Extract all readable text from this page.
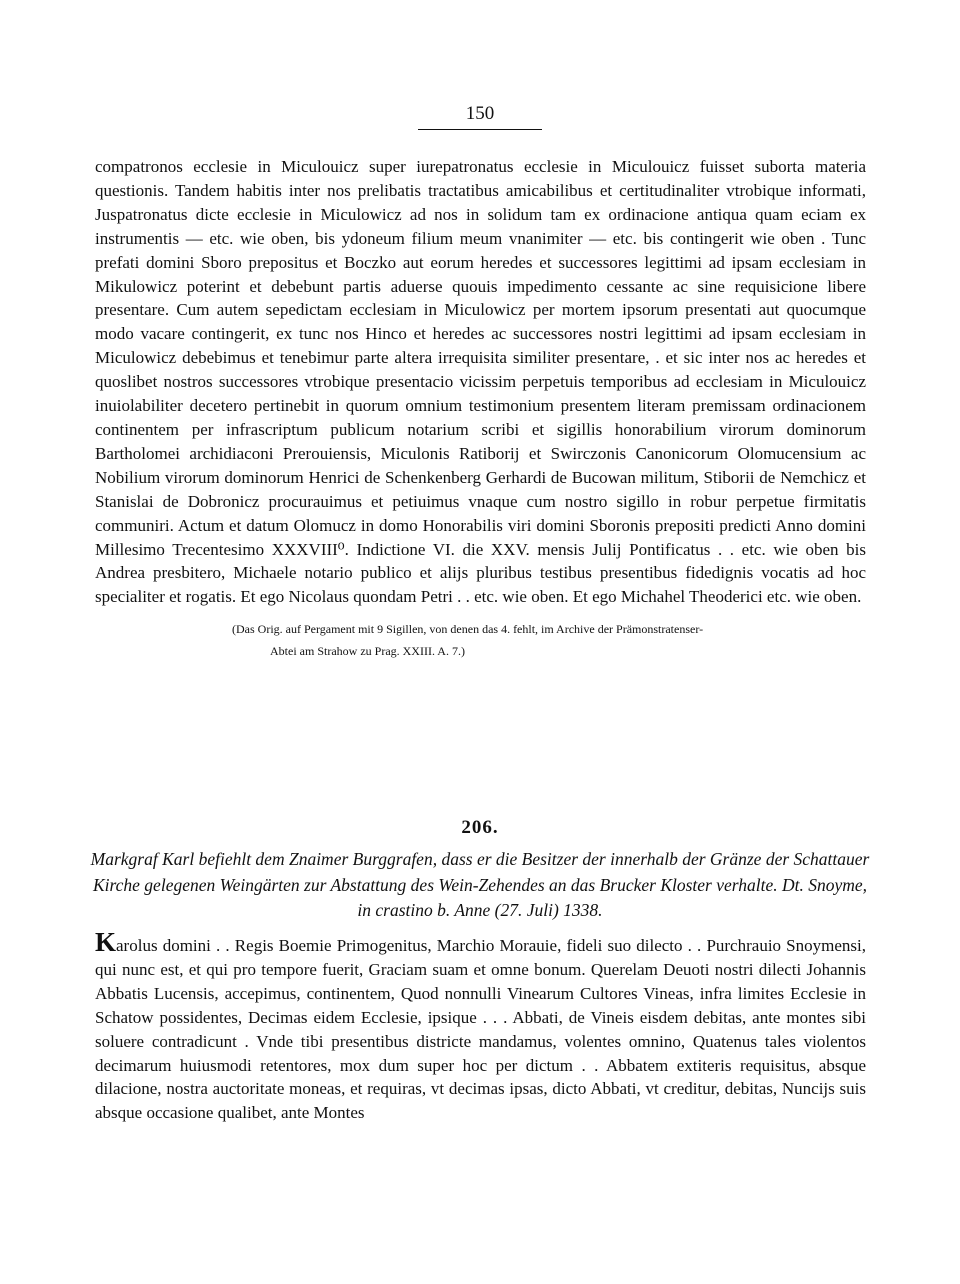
150

compatronos ecclesie in Miculouicz super iurepatronatus ecclesie in Miculouicz fuisset suborta materia questionis. Tandem habitis inter nos prelibatis tractatibus amicabilibus et certitudinaliter vtrobique informati, Juspatronatus dicte ecclesie in Miculowicz ad nos in solidum tam ex ordinacione antiqua quam eciam ex instrumentis — etc. wie oben, bis ydoneum filium meum vnanimiter — etc. bis contingerit wie oben . Tunc prefati domini Sboro prepositus et Boczko aut eorum heredes et successores legittimi ad ipsam ecclesiam in Mikulowicz poterint et debebunt partis aduerse quouis impedimento cessante ac sine requisicione libere presentare. Cum autem sepedictam ecclesiam in Miculowicz per mortem ipsorum presentati aut quocumque modo vacare contingerit, ex tunc nos Hinco et heredes ac successores nostri legittimi ad ipsam ecclesiam in Miculowicz debebimus et tenebimur parte altera irrequisita similiter presentare, . et sic inter nos ac heredes et quoslibet nostros successores vtrobique presentacio vicissim perpetuis temporibus ad ecclesiam in Miculouicz inuiolabiliter decetero pertinebit in quorum omnium testimonium presentem literam premissam ordinacionem continentem per infrascriptum publicum notarium scribi et sigillis honorabilium virorum dominorum Bartholomei archidiaconi Prerouiensis, Miculonis Ratiborij et Swirczonis Canonicorum Olomucensium ac Nobilium virorum dominorum Henrici de Schenkenberg Gerhardi de Bucowan militum, Stiborii de Nemchicz et Stanislai de Dobronicz procurauimus et petiuimus vnaque cum nostro sigillo in robur perpetue firmitatis communiri. Actum et datum Olomucz in domo Honorabilis viri domini Sboronis prepositi predicti Anno domini Millesimo Trecentesimo XXXVIII⁰. Indictione VI. die XXV. mensis Julij Pontificatus . . etc. wie oben bis Andrea presbitero, Michaele notario publico et alijs pluribus testibus presentibus fidedignis vocatis ad hoc specialiter et rogatis. Et ego Nicolaus quondam Petri . . etc. wie oben. Et ego Michahel Theoderici etc. wie oben.

(Das Orig. auf Pergament mit 9 Sigillen, von denen das 4. fehlt, im Archive der Prämonstratenser-
Abtei am Strahow zu Prag. XXIII. A. 7.)

206.

Markgraf Karl befiehlt dem Znaimer Burggrafen, dass er die Besitzer der innerhalb der Gränze der Schattauer Kirche gelegenen Weingärten zur Abstattung des Wein-Zehendes an das Brucker Kloster verhalte. Dt. Snoyme, in crastino b. Anne (27. Juli) 1338.

Karolus domini . . Regis Boemie Primogenitus, Marchio Morauie, fideli suo dilecto . . Purchrauio Snoymensi, qui nunc est, et qui pro tempore fuerit, Graciam suam et omne bonum. Querelam Deuoti nostri dilecti Johannis Abbatis Lucensis, accepimus, continentem, Quod nonnulli Vinearum Cultores Vineas, infra limites Ecclesie in Schatow possidentes, Decimas eidem Ecclesie, ipsique . . . Abbati, de Vineis eisdem debitas, ante montes sibi soluere contradicunt . Vnde tibi presentibus districte mandamus, volentes omnino, Quatenus tales violentos decimarum huiusmodi retentores, mox dum super hoc per dictum . . Abbatem extiteris requisitus, absque dilacione, nostra auctoritate moneas, et requiras, vt decimas ipsas, dicto Abbati, vt creditur, debitas, Nuncijs suis absque occasione qualibet, ante Montes
